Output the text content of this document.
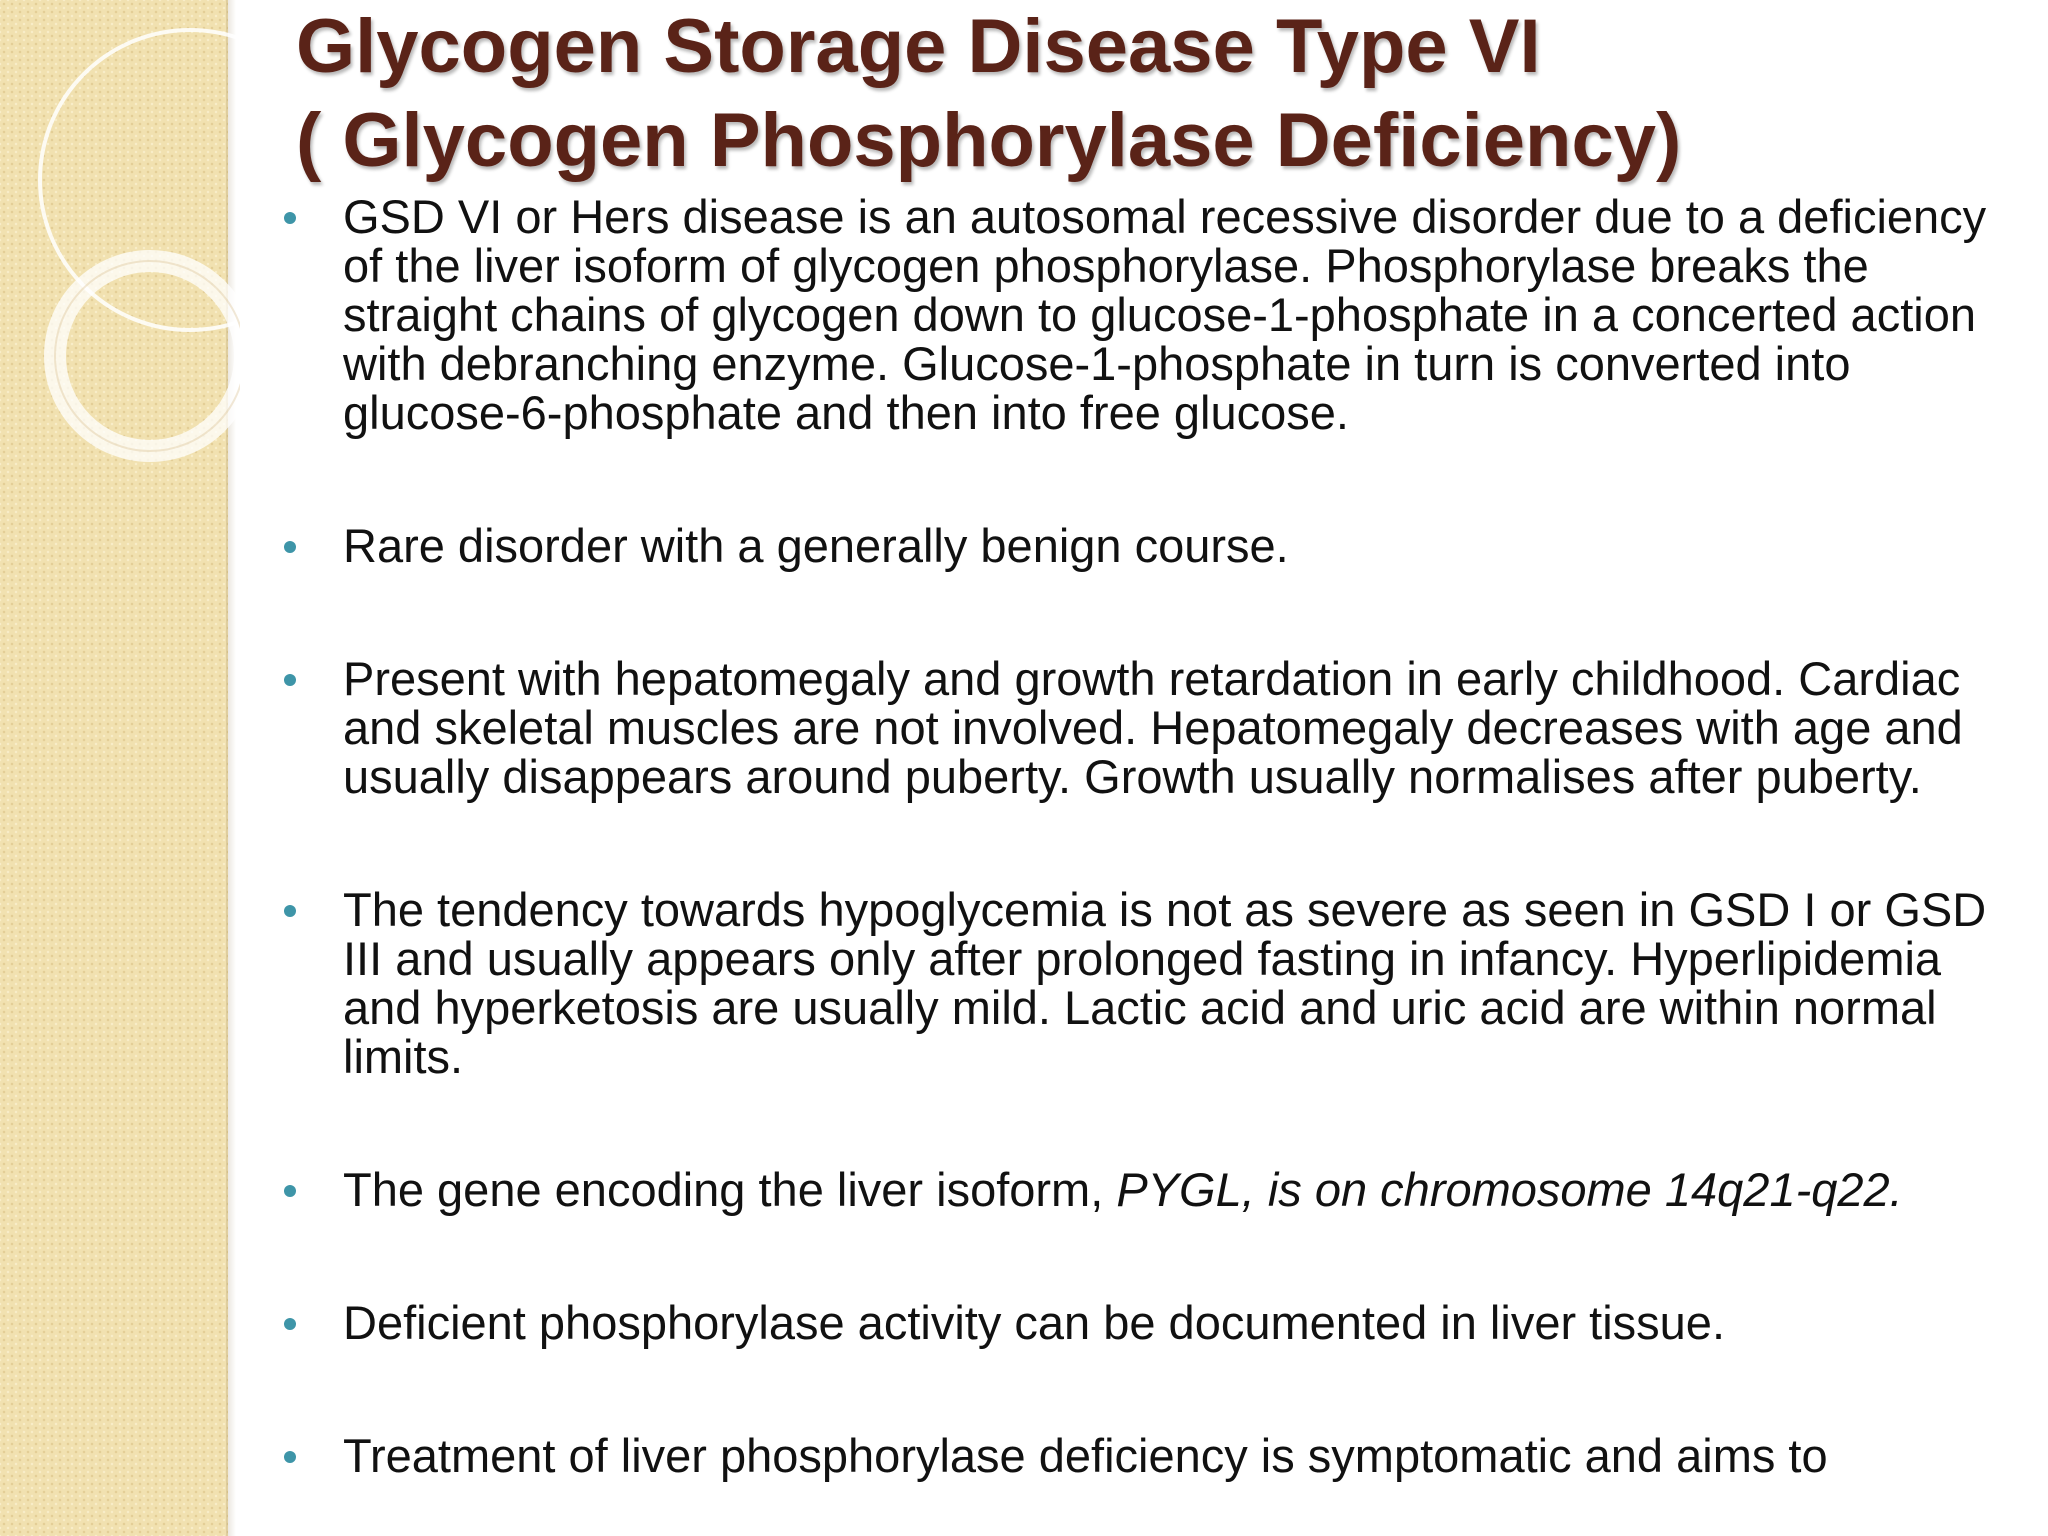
Glycogen Storage Disease Type VI
( Glycogen Phosphorylase Deficiency)
GSD VI or Hers disease is an autosomal recessive disorder due to a deficiency of the liver isoform of glycogen phosphorylase. Phosphorylase breaks the straight chains of glycogen down to glucose-1-phosphate in a concerted action with debranching enzyme. Glucose-1-phosphate in turn is converted into glucose-6-phosphate and then into free glucose.
Rare disorder with a generally benign course.
Present with hepatomegaly and growth retardation in early childhood. Cardiac and skeletal muscles are not involved. Hepatomegaly decreases with age and usually disappears around puberty. Growth usually normalises after puberty.
The tendency towards hypoglycemia is not as severe as seen in GSD I or GSD III and usually appears only after prolonged fasting in infancy. Hyperlipidemia and hyperketosis are usually mild. Lactic acid and uric acid are within normal limits.
The gene encoding the liver isoform, PYGL, is on chromosome 14q21-q22.
Deficient phosphorylase activity can be documented in liver tissue.
Treatment of liver phosphorylase deficiency is symptomatic and aims to
